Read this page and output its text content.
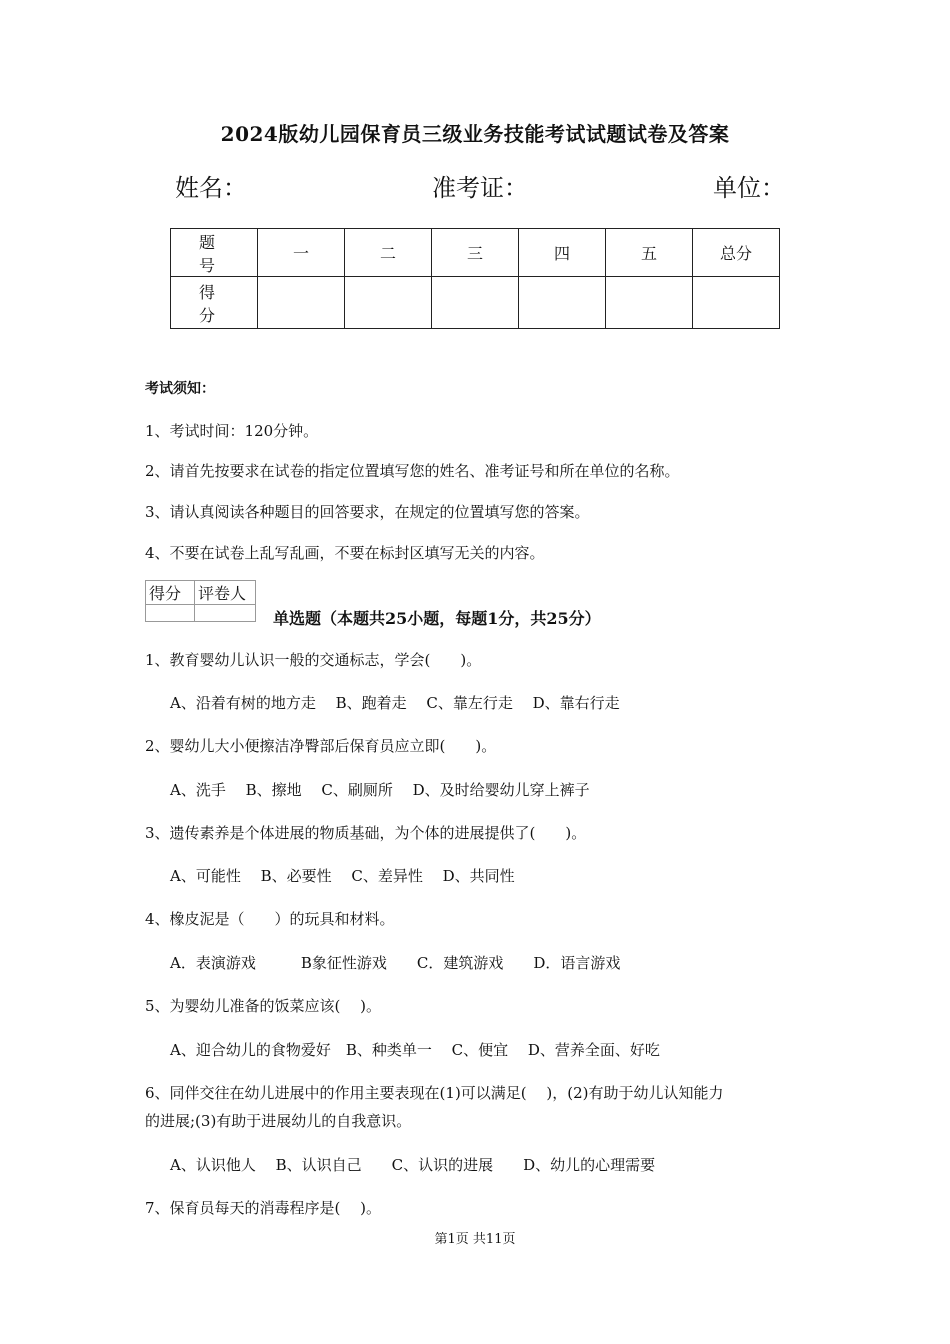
2024版幼儿园保育员三级业务技能考试试题试卷及答案
姓名：	准考证：	单位：
题　号	一	二	三	四	五	总分
得　分						
考试须知：
1、考试时间：120分钟。
2、请首先按要求在试卷的指定位置填写您的姓名、准考证号和所在单位的名称。
3、请认真阅读各种题目的回答要求，在规定的位置填写您的答案。
4、不要在试卷上乱写乱画，不要在标封区填写无关的内容。
得分	评卷人

单选题（本题共25小题，每题1分，共25分）
1、教育婴幼儿认识一般的交通标志，学会(　　)。
A、沿着有树的地方走　 B、跑着走　 C、靠左行走　 D、靠右行走
2、婴幼儿大小便擦洁净臀部后保育员应立即(　　)。
A、洗手　 B、擦地　 C、刷厕所　 D、及时给婴幼儿穿上裤子
3、遗传素养是个体进展的物质基础，为个体的进展提供了(　　)。
A、可能性　 B、必要性　 C、差异性　 D、共同性
4、橡皮泥是（　　）的玩具和材料。
A．表演游戏　　　B象征性游戏　　C．建筑游戏　　D．语言游戏
5、为婴幼儿准备的饭菜应该(　 )。
A、迎合幼儿的食物爱好　B、种类单一　 C、便宜　 D、营养全面、好吃
6、同伴交往在幼儿进展中的作用主要表现在(1)可以满足(　 )，(2)有助于幼儿认知能力
的进展;(3)有助于进展幼儿的自我意识。
A、认识他人　 B、认识自己　　C、认识的进展　　D、幼儿的心理需要
7、保育员每天的消毒程序是(　 )。
第1页 共11页
